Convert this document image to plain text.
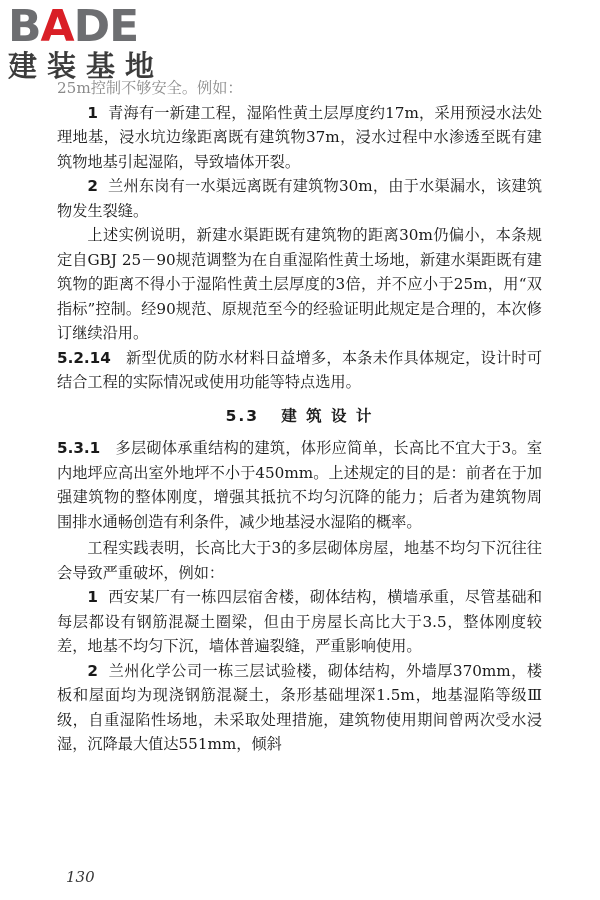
BADE
建装基地

25m控制不够安全。例如：

1 青海有一新建工程，湿陷性黄土层厚度约17m，采用预浸水法处理地基，浸水坑边缘距离既有建筑物37m，浸水过程中水渗透至既有建筑物地基引起湿陷，导致墙体开裂。

2 兰州东岗有一水渠远离既有建筑物30m，由于水渠漏水，该建筑物发生裂缝。

上述实例说明，新建水渠距既有建筑物的距离30m仍偏小，本条规定自GBJ 25－90规范调整为在自重湿陷性黄土场地，新建水渠距既有建筑物的距离不得小于湿陷性黄土层厚度的3倍，并不应小于25m，用“双指标”控制。经90规范、原规范至今的经验证明此规定是合理的，本次修订继续沿用。

5.2.14 新型优质的防水材料日益增多，本条未作具体规定，设计时可结合工程的实际情况或使用功能等特点选用。

5.3 建 筑 设 计

5.3.1 多层砌体承重结构的建筑，体形应简单，长高比不宜大于3。室内地坪应高出室外地坪不小于450mm。上述规定的目的是：前者在于加强建筑物的整体刚度，增强其抵抗不均匀沉降的能力；后者为建筑物周围排水通畅创造有利条件，减少地基浸水湿陷的概率。

工程实践表明，长高比大于3的多层砌体房屋，地基不均匀下沉往往会导致严重破坏，例如：

1 西安某厂有一栋四层宿舍楼，砌体结构，横墙承重，尽管基础和每层都设有钢筋混凝土圈梁，但由于房屋长高比大于3.5，整体刚度较差，地基不均匀下沉，墙体普遍裂缝，严重影响使用。

2 兰州化学公司一栋三层试验楼，砌体结构，外墙厚370mm，楼板和屋面均为现浇钢筋混凝土，条形基础埋深1.5m，地基湿陷等级Ⅲ级，自重湿陷性场地，未采取处理措施，建筑物使用期间曾两次受水浸湿，沉降最大值达551mm，倾斜

130
